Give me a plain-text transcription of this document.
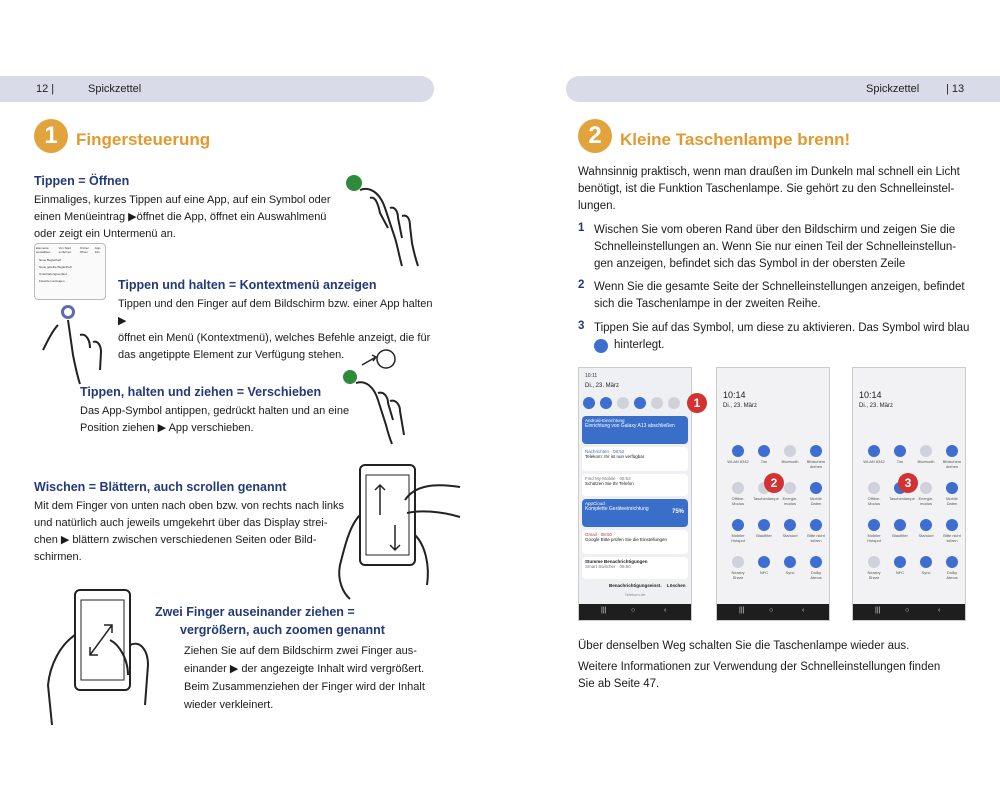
12 |	Spickzettel
1	Fingersteuerung
Tippen = Öffnen
Einmaliges, kurzes Tippen auf eine App, auf ein Symbol oder
einen Menüeintrag ▶öffnet die App, öffnet ein Auswahlmenü
oder zeigt ein Untermenü an.
Elemente auswählen
Von Start entfernen
Ordner öffnen
App-Info
Neue Begleitheft
Neue geteilte Begleitheft
Unterhaltungsverlauf
Favoriten anzeigen	Tippen und halten = Kontextmenü anzeigen
Tippen und den Finger auf dem Bildschirm bzw. einer App halten ▶
öffnet ein Menü (Kontextmenü), welches Befehle anzeigt, die für
das angetippte Element zur Verfügung stehen.
Tippen, halten und ziehen = Verschieben
Das App-Symbol antippen, gedrückt halten und an eine
Position ziehen ▶ App verschieben.
Wischen = Blättern, auch scrollen genannt
Mit dem Finger von unten nach oben bzw. von rechts nach links
und natürlich auch jeweils umgekehrt über das Display strei-
chen ▶ blättern zwischen verschiedenen Seiten oder Bild-
schirmen.
Zwei Finger auseinander ziehen =
vergrößern, auch zoomen genannt
Ziehen Sie auf dem Bildschirm zwei Finger aus-
einander ▶ der angezeigte Inhalt wird vergrößert.
Beim Zusammenziehen der Finger wird der Inhalt
wieder verkleinert.
Spickzettel | 13
2	Kleine Taschenlampe brenn!
Wahnsinnig praktisch, wenn man draußen im Dunkeln mal schnell ein Licht
benötigt, ist die Funktion Taschenlampe. Sie gehört zu den Schnelleinstel-
lungen.
1 Wischen Sie vom oberen Rand über den Bildschirm und zeigen Sie die
Schnelleinstellungen an. Wenn Sie nur einen Teil der Schnelleinstellun-
gen anzeigen, befindet sich das Symbol in der obersten Zeile
2 Wenn Sie die gesamte Seite der Schnelleinstellungen anzeigen, befindet
sich die Taschenlampe in der zweiten Reihe.
3 Tippen Sie auf das Symbol, um diese zu aktivieren. Das Symbol wird blau
hinterlegt.
10:11
Di., 23. März
Android-Einrichtung
Einrichtung von Galaxy A13 abschließen
Nachrichten · 08:52
Telekom: Ihr ist nun verfügbar
Find My Mobile · 08:52
Schützen Sie Ihr Telefon
AppCloud
Komplette Geräteeinrichtung	75%
Gmail · 08:50
Google Bitte prüfen Sie die Einstellungen
Stumme Benachrichtigungen
Smart Switcher · 08:50
Benachrichtigungseinst. Löschen
Telekom.de
|||	○	‹
1
10:14
Di., 23. März
WLAN 8342	Ton	Bluetooth	Bildschirm drehen
Offline-Modus
Taschenlampe Energie-modus
Mobile Daten
Mobiler Hotspot
Blaufilter	Standort	Bitte nicht stören
Nearby Share
NFC	Sync	Dolby Atmos
|||	○	‹
2
10:14
Di., 23. März
WLAN 8342	Ton	Bluetooth	Bildschirm drehen
Offline-Modus
Taschenlampe Energie-modus
Mobile Daten
Mobiler Hotspot
Blaufilter	Standort	Bitte nicht stören
Nearby Share
NFC	Sync	Dolby Atmos
|||	○	‹
3
Über denselben Weg schalten Sie die Taschenlampe wieder aus.
Weitere Informationen zur Verwendung der Schnelleinstellungen finden
Sie ab Seite 47.
